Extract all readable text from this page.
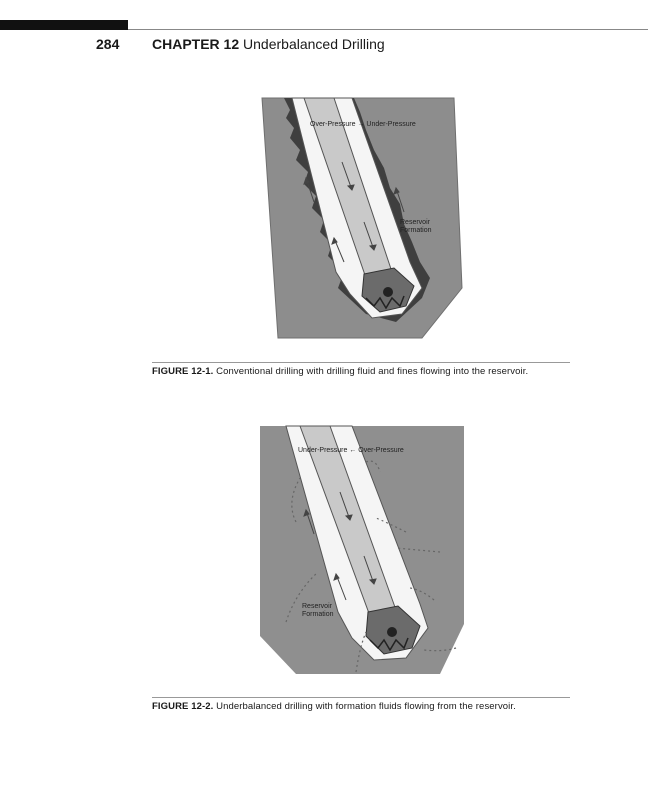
284 CHAPTER 12 Underbalanced Drilling
Over-Pressure → Under-Pressure
Reservoir
Formation
FIGURE 12-1. Conventional drilling with drilling fluid and fines flowing into the reservoir.
Under-Pressure ← Over-Pressure
Reservoir
Formation
FIGURE 12-2. Underbalanced drilling with formation fluids flowing from the reservoir.
